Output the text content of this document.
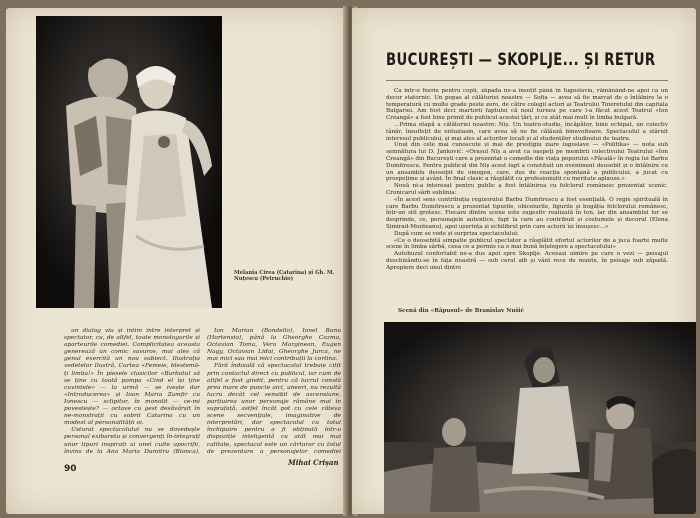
Melania Cirea (Catarina) și Gh. M. Nuțescu (Petruchio)

un dialog viu și intim între interpret și spectator, cu, de altfel, toate monologurile și aparteurile comediei. Complicitatea aceasta generează un comic savuros, mai ales că genul exercită un nou subiect. Ilustrația vedetelor Ilustră, Curtea «Femeie, blestemă-ți limba!» În piesele clasicilor «Barbatul să se ține cu toată pompa «Cind el își ține cuvintele» — la urmă — se ivește dar «Introducerea» și Ioan Maria Zamfir cu Ionescu — sclipitor, în monolit — ce-mi povestește? — octave cu gest desăvârșit în ne-monstrații cu sobrii Catarina cu un modest al personalității oi.

Usturat spectacolului nu se dovedește personal exibaretu și convergenți în-integrați unor tipuri inspirați ai unei culte apocrifii, învins de la Ana Maria Dumitru (Bianca),

Ion Marian (Bondello), Ionel Banu (Hortensio), până la Gheorghe Cazma, Octavian Toma, Vera Marginean, Eugen Nagy, Octavian Lidai, Gheorghe Jurca, ne mai mici sau mai mici contribuții la cortina.

Fără îndoială că spectacolul trebuie citit prin contactul direct cu publicul, iar cum de altfel a fost gindit, pentru că lucrul constă prea mare de puncte aici, uneori, nu rezultă lucru decât cel sensibil de ascensiune, parțiuirea unor personaje rămâne mai în suprafață, astfel încât pot cu cele câteva scene secvențiale, imaginative de interpretări, dar spectacolul cu totul închipuire pentru a fi obținută într-o dispoziție inteligentă cu atât mai mai calitate, spectacol este un cărturar cu totul de prezentare a personajelor comediei

Mihai Crișan
90
BUCUREȘTI — SKOPLJE... ȘI RETUR

Ca într-o feerie pentru copii, zăpada ne-a însoțit până în Iugoslavia, rămânând-ne apoi ca un decor statornic. Un popas al călătoriei noastre — Sofia — avea să fie marcat de o întâlnire la o temperatură cu multe grade peste zero, de către colegii actori ai Teatrului Tineretului din capitala Bulgariei. Am fost deci martorii faptului că noul turneu pe care l-a făcut acest Teatrul «Ion Creangă» a fost bine primit de publicul acestei țări, și cu atât mai mult în limba bulgară.

...Prima etapă a călătoriei noastre: Niș. Un teatru-studio, încăpător, bine echipat, un colectiv tânăr, însuflețit de entuziasm, care avea să ne fie călăuză binevoitoare. Spectacolul a stârnit interesul publicului, și mai ales al actorilor locali și al studenților studioului de teatru.

Unul din cele mai cunoscute și mai de prestigiu ziare iugoslave — «Politika» — nota sub semnătura lui D. Janković: «Orașul Niș a avut ca oaspeți pe membrii colectivului Teatrului «Ion Creangă» din București care a prezentat o comedie din viața poporului «Păcală» în regia lui Barbu Dumitrescu. Pentru publicul din Niș acest fapt a constituit un eveniment deosebit și o întâlnire cu un ansamblu deosebit de omogen, care, dus de reacția spontană a publicului, a jucat cu prospețime și avânt. În final clasic a răsplătit cu profesioniștii cu meritate aplauze.»

Nouă ni-a interesat pentru public a fost întâlnirea cu folclorul românesc prezentat scenic. Cronicarul sârb sublinia:

«În acest sens contribuția regizorului Barbu Dumitrescu a fost esențială. O regie spirituală în care Barbu Dumitrescu a prezentat tipurile, obiceiurile, figurile și bogăția folclorului românesc, într-un stil grotesc. Fiecare dintre scene este sugestiv realizată în ton, iar din ansamblul lor se desprinde, ce, personajele autentice, fapt la care au contribuit și costumele și decorul (Elena Simirad-Munteanu), apoi ușurința și echilibrul prin care actorii își însușesc...»

După cum se vede și surpriza spectacolului:

«Ce o deosebită simpatie publicul spectator a răsplătit efortul actorilor de a juca foarte multe scene în limba sârbă, ceea ce a permis ca o mai bună înțelegere a spectacolului»

Autobuzul confortabil ne-a dus apoi spre Skoplje. Aceeași uimire pe care o vezi — peisajul deschizându-se în fața noastră — sub cerul alb și vânt rece de munte, în peisaje sub zăpadă. Apropiere deci unul dintre

Scenă din «Răpusul» de Branislav Nušić
